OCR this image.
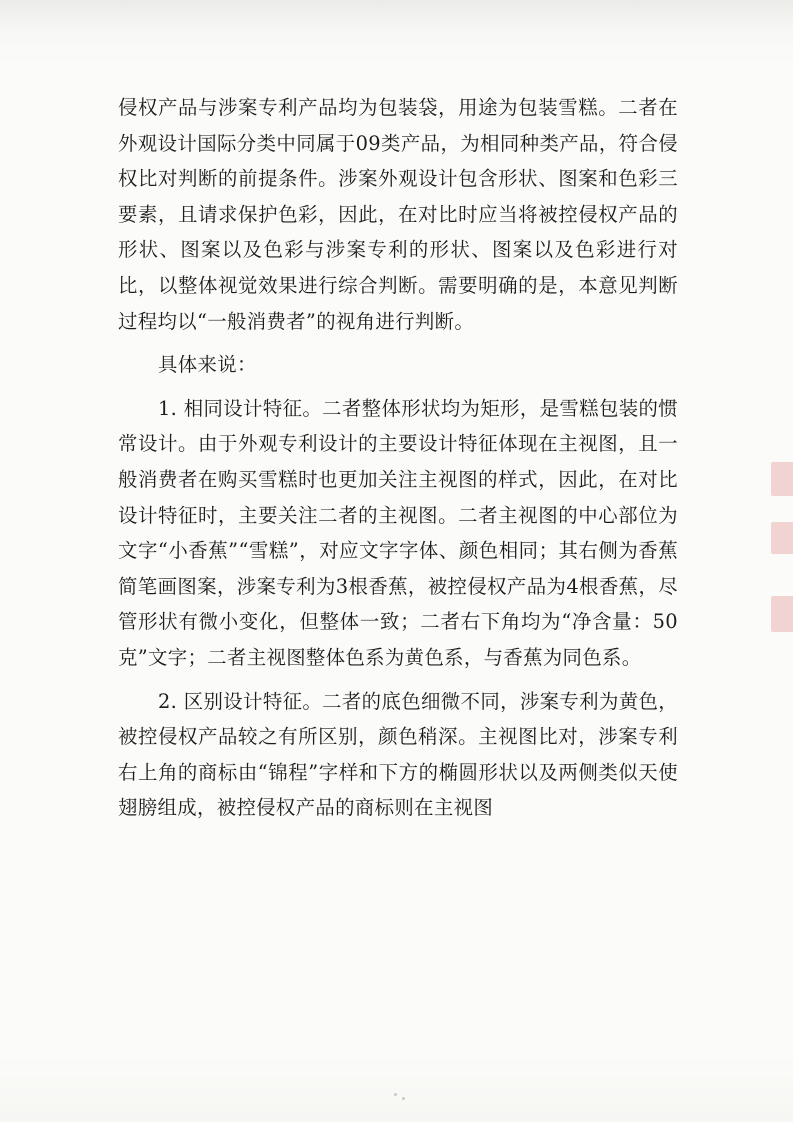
侵权产品与涉案专利产品均为包装袋，用途为包装雪糕。二者在外观设计国际分类中同属于09类产品，为相同种类产品，符合侵权比对判断的前提条件。涉案外观设计包含形状、图案和色彩三要素，且请求保护色彩，因此，在对比时应当将被控侵权产品的形状、图案以及色彩与涉案专利的形状、图案以及色彩进行对比，以整体视觉效果进行综合判断。需要明确的是，本意见判断过程均以“一般消费者”的视角进行判断。

具体来说：

1. 相同设计特征。二者整体形状均为矩形，是雪糕包装的惯常设计。由于外观专利设计的主要设计特征体现在主视图，且一般消费者在购买雪糕时也更加关注主视图的样式，因此，在对比设计特征时，主要关注二者的主视图。二者主视图的中心部位为文字“小香蕉”“雪糕”，对应文字字体、颜色相同；其右侧为香蕉简笔画图案，涉案专利为3根香蕉，被控侵权产品为4根香蕉，尽管形状有微小变化，但整体一致；二者右下角均为“净含量：50克”文字；二者主视图整体色系为黄色系，与香蕉为同色系。

2. 区别设计特征。二者的底色细微不同，涉案专利为黄色，被控侵权产品较之有所区别，颜色稍深。主视图比对，涉案专利右上角的商标由“锦程”字样和下方的椭圆形状以及两侧类似天使翅膀组成，被控侵权产品的商标则在主视图
